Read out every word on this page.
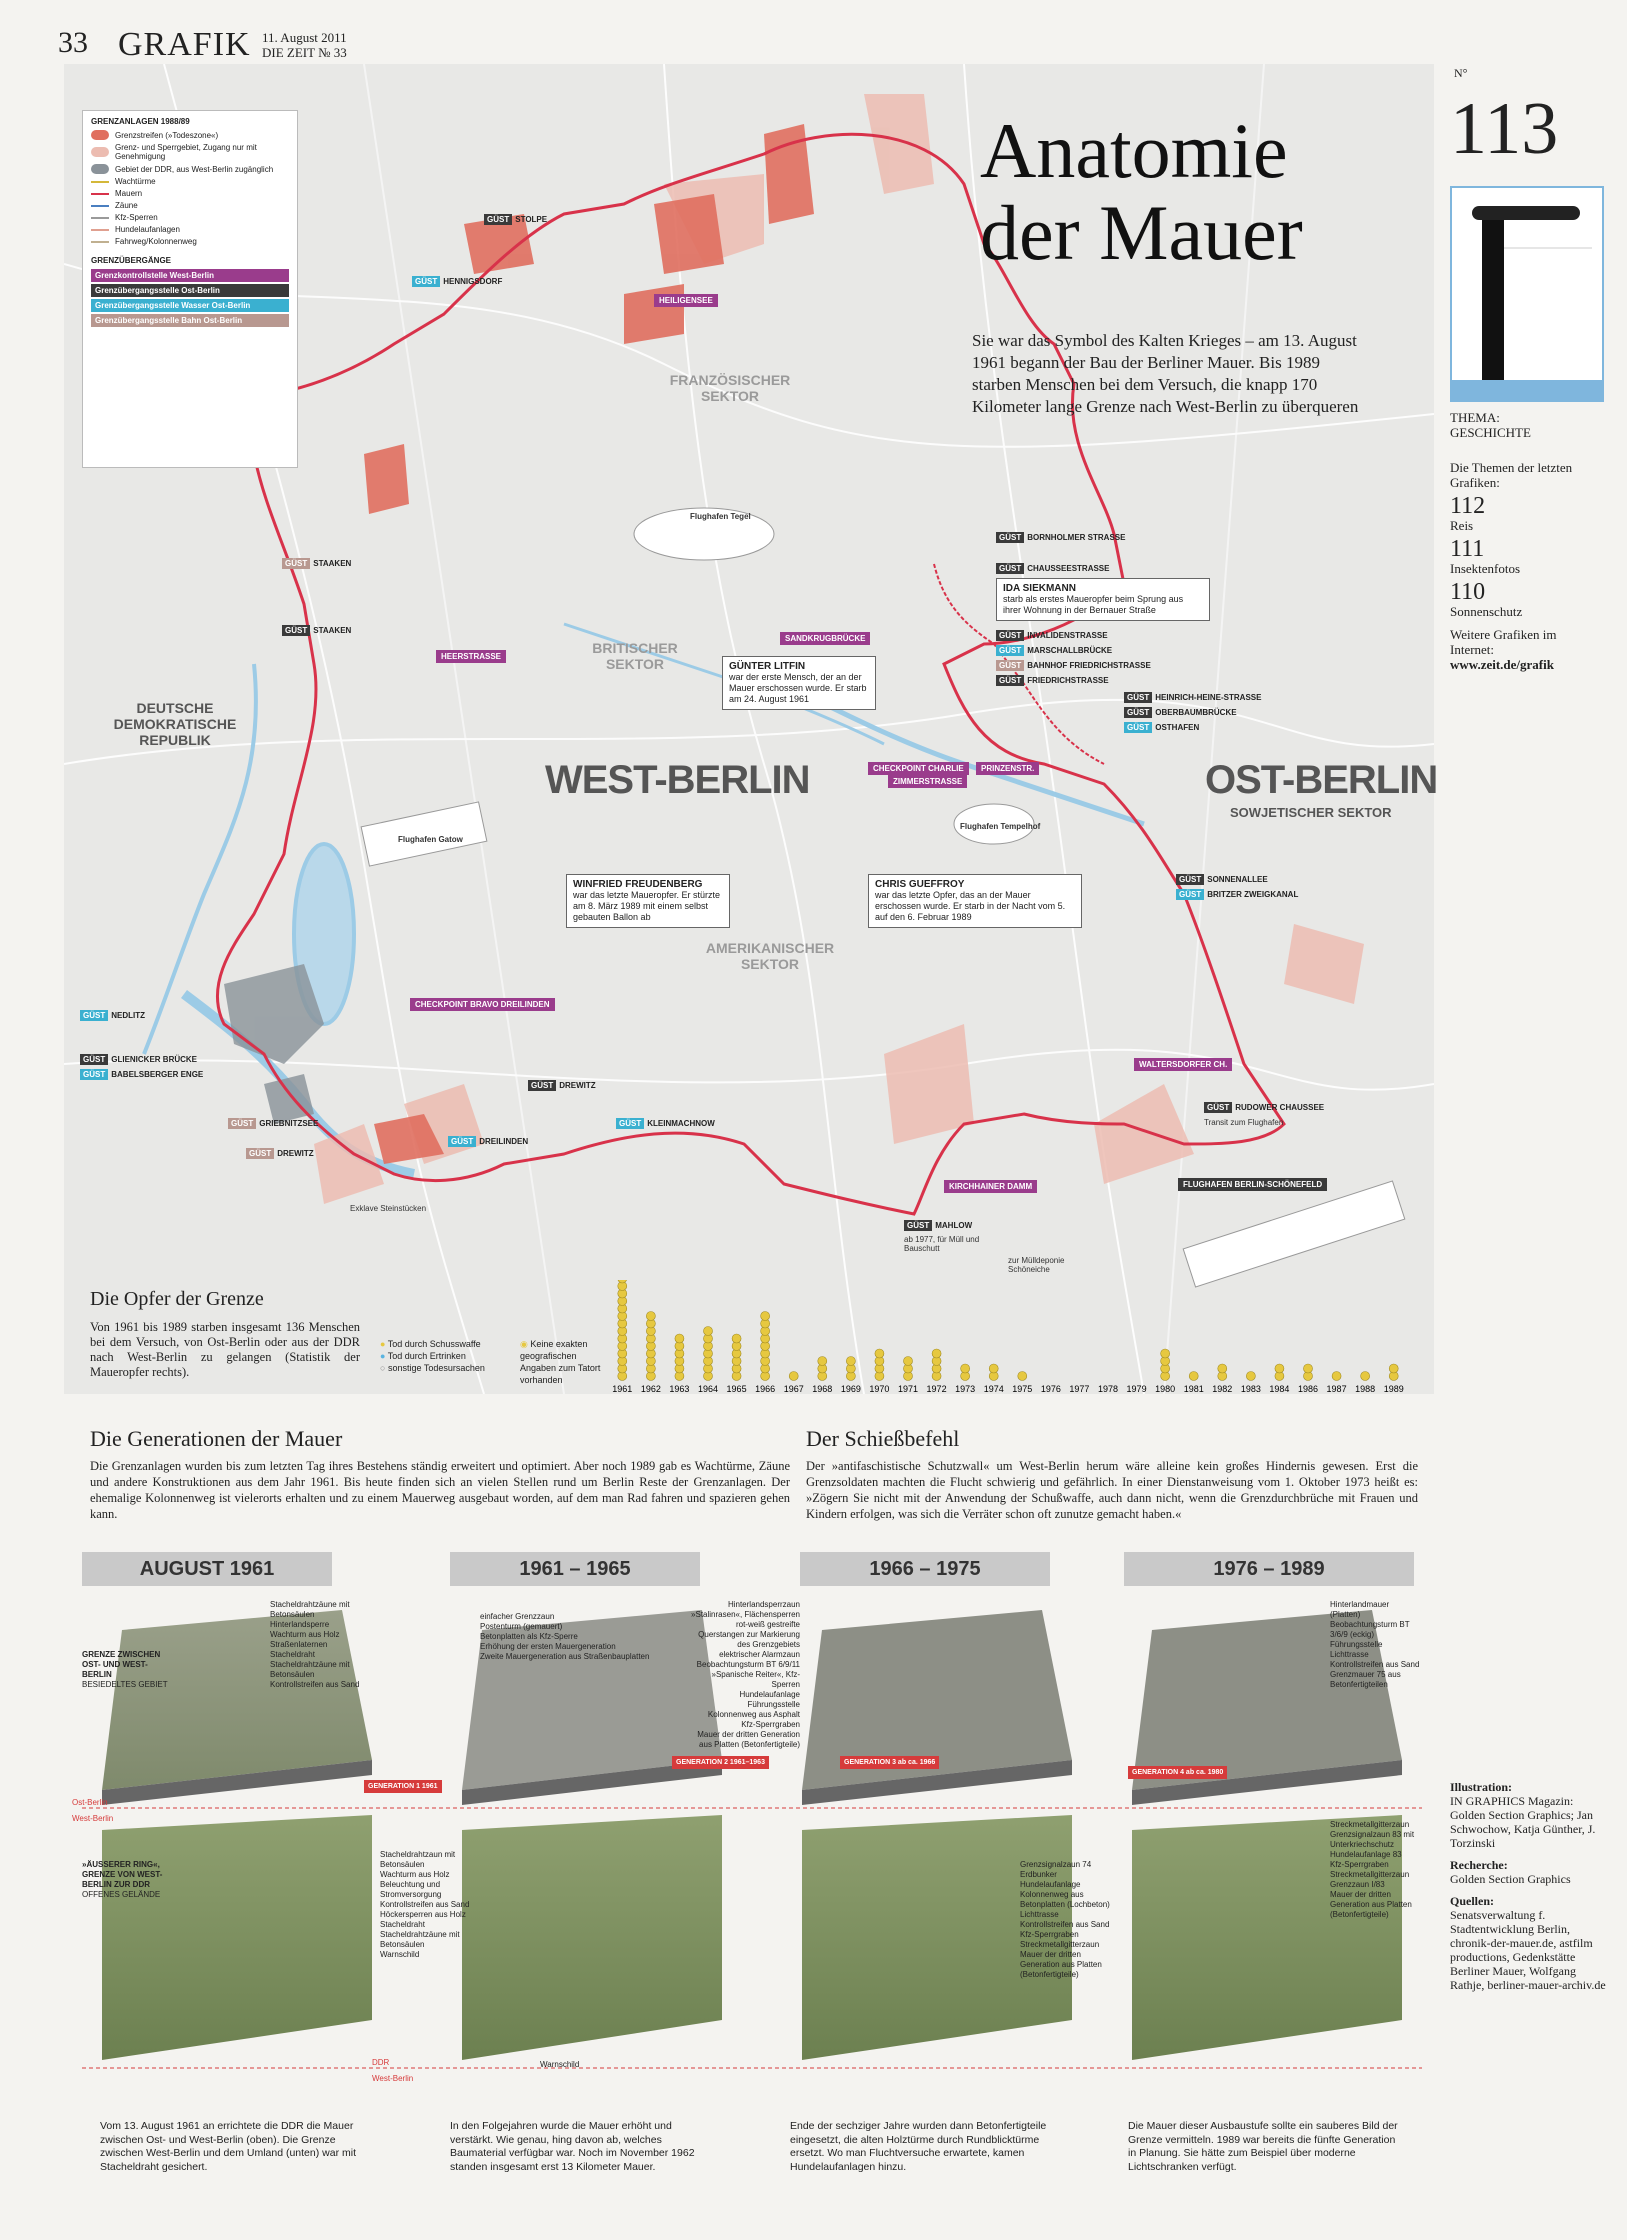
33 GRAFIK 11. August 2011
DIE ZEIT № 33
GRENZANLAGEN 1988/89
Grenzstreifen (»Todeszone«)
Grenz- und Sperrgebiet, Zugang nur mit Genehmigung
Gebiet der DDR, aus West-Berlin zugänglich
Wachtürme
Mauern
Zäune
Kfz-Sperren
Hundelaufanlagen
Fahrweg/Kolonnenweg
GRENZÜBERGÄNGE
Grenzkontrollstelle West-Berlin
Grenzübergangsstelle Ost-Berlin
Grenzübergangsstelle Wasser Ost-Berlin
Grenzübergangsstelle Bahn Ost-Berlin
Anatomie
der Mauer
Sie war das Symbol des Kalten Krieges – am 13. August 1961 begann der Bau der Berliner Mauer. Bis 1989 starben Menschen bei dem Versuch, die knapp 170 Kilometer lange Grenze nach West-Berlin zu überqueren
FRANZÖSISCHER SEKTOR
BRITISCHER SEKTOR
AMERIKANISCHER SEKTOR
DEUTSCHE DEMOKRATISCHE REPUBLIK
WEST-BERLIN	OST-BERLIN
SOWJETISCHER SEKTOR
Flughafen Tegel
Flughafen Gatow
Flughafen Tempelhof
FLUGHAFEN BERLIN-SCHÖNEFELD
GÜST STOLPE
GÜST HENNIGSDORF
GÜST STAAKEN
GÜST STAAKEN
GÜST BORNHOLMER STRASSE
GÜST CHAUSSEESTRASSE
GÜST INVALIDENSTRASSE
GÜST MARSCHALLBRÜCKE
GÜST BAHNHOF FRIEDRICHSTRASSE
GÜST FRIEDRICHSTRASSE
GÜST HEINRICH-HEINE-STRASSE
GÜST OBERBAUMBRÜCKE
GÜST OSTHAFEN
GÜST SONNENALLEE
GÜST BRITZER ZWEIGKANAL
GÜST NEDLITZ
GÜST GLIENICKER BRÜCKE
GÜST BABELSBERGER ENGE
GÜST DREWITZ
GÜST GRIEBNITZSEE
GÜST DREWITZ
GÜST DREILINDEN
GÜST KLEINMACHNOW
GÜST RUDOWER CHAUSSEE
GÜST MAHLOW
HEILIGENSEE
HEERSTRASSE
SANDKRUGBRÜCKE
CHECKPOINT CHARLIE
ZIMMERSTRASSE
PRINZENSTR.
CHECKPOINT BRAVO DREILINDEN
WALTERSDORFER CH.
KIRCHHAINER DAMM
IDA SIEKMANN
starb als erstes Maueropfer beim Sprung aus ihrer Wohnung in der Bernauer Straße
GÜNTER LITFIN
war der erste Mensch, der an der Mauer erschossen wurde. Er starb am 24. August 1961
WINFRIED FREUDENBERG
war das letzte Maueropfer. Er stürzte am 8. März 1989 mit einem selbst gebauten Ballon ab
CHRIS GUEFFROY
war das letzte Opfer, das an der Mauer erschossen wurde. Er starb in der Nacht vom 5. auf den 6. Februar 1989
ab 1977, für Müll und Bauschutt
Transit zum Flughafen
zur Mülldeponie Schöneiche
Exklave Steinstücken
Die Opfer der Grenze
Von 1961 bis 1989 starben insgesamt 136 Menschen bei dem Versuch, von Ost-Berlin oder aus der DDR nach West-Berlin zu gelangen (Statistik der Maueropfer rechts).
● Tod durch Schusswaffe
● Tod durch Ertrinken
○ sonstige Todesursachen
◉ Keine exakten geografischen Angaben zum Tatort vorhanden
1961 1962 1963 1964 1965 1966 1967 1968 1969 1970 1971 1972 1973 1974 1975 1976 1977 1978 1979 1980 1981 1982 1983 1984 1986 1987 1988 1989
Die Generationen der Mauer
Die Grenzanlagen wurden bis zum letzten Tag ihres Bestehens ständig erweitert und optimiert. Aber noch 1989 gab es Wachtürme, Zäune und andere Konstruktionen aus dem Jahr 1961. Bis heute finden sich an vielen Stellen rund um Berlin Reste der Grenzanlagen. Der ehemalige Kolonnenweg ist vielerorts erhalten und zu einem Mauerweg ausgebaut worden, auf dem man Rad fahren und spazieren gehen kann.
Der Schießbefehl
Der »antifaschistische Schutzwall« um West-Berlin herum wäre alleine kein großes Hindernis gewesen. Erst die Grenzsoldaten machten die Flucht schwierig und gefährlich. In einer Dienstanweisung vom 1. Oktober 1973 heißt es: »Zögern Sie nicht mit der Anwendung der Schußwaffe, auch dann nicht, wenn die Grenzdurchbrüche mit Frauen und Kindern erfolgen, was sich die Verräter schon oft zunutze gemacht haben.«
AUGUST 1961	1961 – 1965	1966 – 1975	1976 – 1989
GRENZE ZWISCHEN OST- UND WEST-BERLIN
BESIEDELTES GEBIET
»ÄUSSERER RING«, GRENZE VON WEST-BERLIN ZUR DDR
OFFENES GELÄNDE
Ost-Berlin
West-Berlin
DDR
West-Berlin
GENERATION 1 1961
GENERATION 2 1961–1963	GENERATION 3 ab ca. 1966
GENERATION 4 ab ca. 1980
Stacheldrahtzäune mit Betonsäulen
Hinterlandsperre
Wachturm aus Holz
Straßenlaternen
Stacheldraht
Stacheldrahtzäune mit Betonsäulen
Kontrollstreifen aus Sand
Stacheldrahtzaun mit Betonsäulen
Wachturm aus Holz
Beleuchtung und Stromversorgung
Kontrollstreifen aus Sand
Höckersperren aus Holz
Stacheldraht
Stacheldrahtzäune mit Betonsäulen
Warnschild
einfacher Grenzzaun
Postenturm (gemauert)
Betonplatten als Kfz-Sperre
Erhöhung der ersten Mauergeneration
Zweite Mauergeneration aus Straßenbauplatten
Warnschild
Hinterlandsperrzaun
»Stalinrasen«, Flächensperren
rot-weiß gestreifte Querstangen zur Markierung des Grenzgebiets
elektrischer Alarmzaun
Beobachtungsturm BT 6/9/11
»Spanische Reiter«, Kfz-Sperren
Hundelaufanlage
Führungsstelle
Kolonnenweg aus Asphalt
Kfz-Sperrgraben
Mauer der dritten Generation aus Platten (Betonfertigteile)
Grenzsignalzaun 74
Erdbunker
Hundelaufanlage
Kolonnenweg aus Betonplatten (Lochbeton)
Lichttrasse
Kontrollstreifen aus Sand
Kfz-Sperrgraben
Streckmetallgitterzaun
Mauer der dritten Generation aus Platten (Betonfertigteile)
Hinterlandmauer (Platten)
Beobachtungsturm BT 3/6/9 (eckig)
Führungsstelle
Lichttrasse
Kontrollstreifen aus Sand
Grenzmauer 75 aus Betonfertigteilen
Streckmetallgitterzaun
Grenzsignalzaun 83 mit Unterkriechschutz
Hundelaufanlage 83
Kfz-Sperrgraben
Streckmetallgitterzaun Grenzzaun I/83
Mauer der dritten Generation aus Platten (Betonfertigteile)
Vom 13. August 1961 an errichtete die DDR die Mauer zwischen Ost- und West-Berlin (oben). Die Grenze zwischen West-Berlin und dem Umland (unten) war mit Stacheldraht gesichert.
In den Folgejahren wurde die Mauer erhöht und verstärkt. Wie genau, hing davon ab, welches Baumaterial verfügbar war. Noch im November 1962 standen insgesamt erst 13 Kilometer Mauer.
Ende der sechziger Jahre wurden dann Betonfertigteile eingesetzt, die alten Holztürme durch Rundblicktürme ersetzt. Wo man Fluchtversuche erwartete, kamen Hundelaufanlagen hinzu.
Die Mauer dieser Ausbaustufe sollte ein sauberes Bild der Grenze vermitteln. 1989 war bereits die fünfte Generation in Planung. Sie hätte zum Beispiel über moderne Lichtschranken verfügt.
N°
113
THEMA:
GESCHICHTE
Die Themen der letzten Grafiken:
112
Reis
111
Insektenfotos
110
Sonnenschutz
Weitere Grafiken im Internet:
www.zeit.de/grafik
Illustration:
IN GRAPHICS Magazin: Golden Section Graphics; Jan Schwochow, Katja Günther, J. Torzinski
Recherche:
Golden Section Graphics
Quellen:
Senatsverwaltung f. Stadtentwicklung Berlin, chronik-der-mauer.de, astfilm productions, Gedenkstätte Berliner Mauer, Wolfgang Rathje, berliner-mauer-archiv.de
